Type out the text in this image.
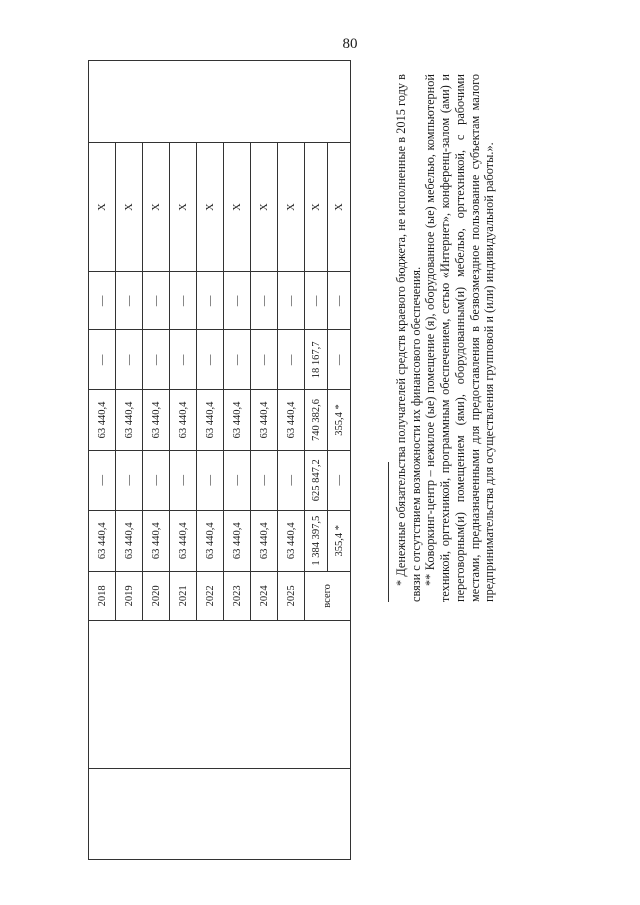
80
		2018	63 440,4	—	63 440,4	—	—	Х	
		2019	63 440,4	—	63 440,4	—	—	Х	
		2020	63 440,4	—	63 440,4	—	—	Х	
		2021	63 440,4	—	63 440,4	—	—	Х	
		2022	63 440,4	—	63 440,4	—	—	Х	
		2023	63 440,4	—	63 440,4	—	—	Х	
		2024	63 440,4	—	63 440,4	—	—	Х	
		2025	63 440,4	—	63 440,4	—	—	Х	
		всего	1 384 397,5	625 847,2	740 382,6	18 167,7	—	Х	
			355,4 *	—	355,4 *	—	—	Х		* Денежные обязательства получателей средств краевого бюджета, не исполненные в 2015 году в связи с отсутствием возможности их финансового обеспечения. ** Коворкинг-центр – нежилое (ые) помещение (я), оборудованное (ые) мебелью, компьютерной техникой, оргтехникой, программным обеспечением, сетью «Интернет», конференц-залом (ами) и переговорным(и) помещением (ями), оборудованным(и) мебелью, оргтехникой, с рабочими местами, предназначенными для предоставления в безвозмездное пользование субъектам малого предпринимательства для осуществления групповой и (или) индивидуальной работы.».
